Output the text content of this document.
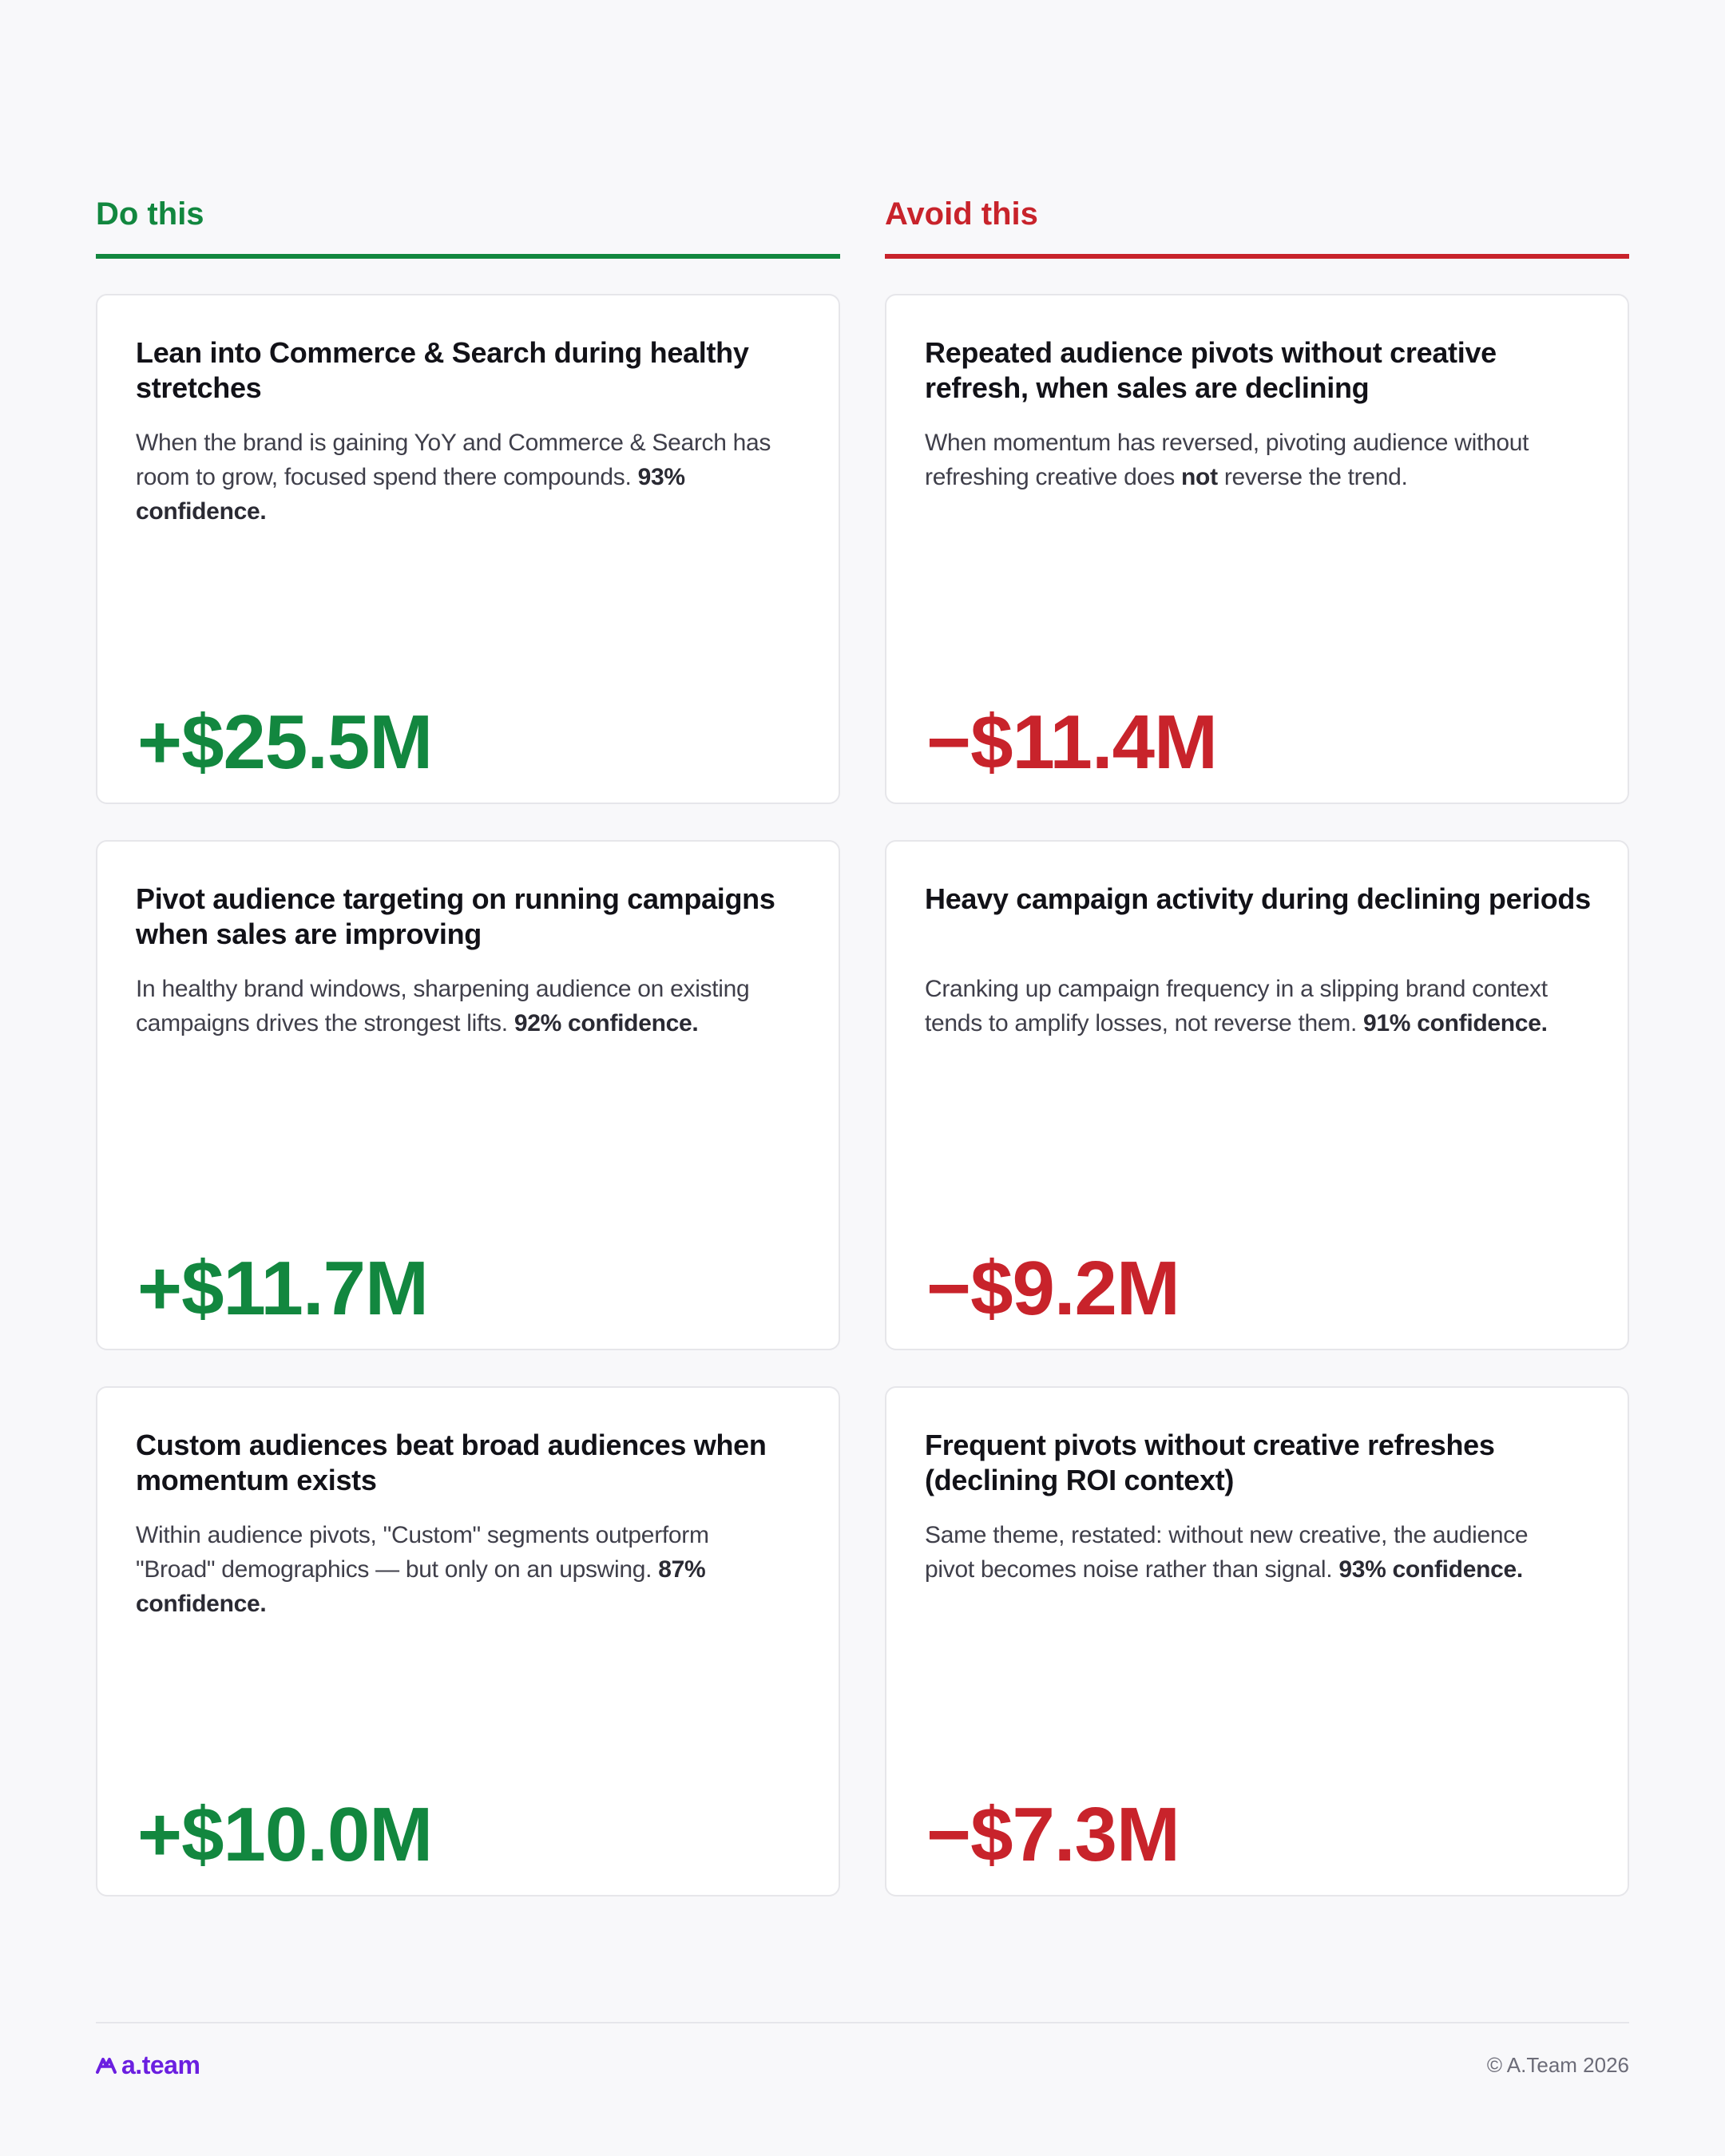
Do this
Lean into Commerce & Search during healthy stretches

When the brand is gaining YoY and Commerce & Search has room to grow, focused spend there compounds. 93% confidence.

+$25.5M
Pivot audience targeting on running campaigns when sales are improving

In healthy brand windows, sharpening audience on existing campaigns drives the strongest lifts. 92% confidence.

+$11.7M
Custom audiences beat broad audiences when momentum exists

Within audience pivots, "Custom" segments outperform "Broad" demographics — but only on an upswing. 87% confidence.

+$10.0M
Avoid this
Repeated audience pivots without creative refresh, when sales are declining

When momentum has reversed, pivoting audience without refreshing creative does not reverse the trend.

−$11.4M
Heavy campaign activity during declining periods

Cranking up campaign frequency in a slipping brand context tends to amplify losses, not reverse them. 91% confidence.

−$9.2M
Frequent pivots without creative refreshes (declining ROI context)

Same theme, restated: without new creative, the audience pivot becomes noise rather than signal. 93% confidence.

−$7.3M
a.team	© A.Team 2026
